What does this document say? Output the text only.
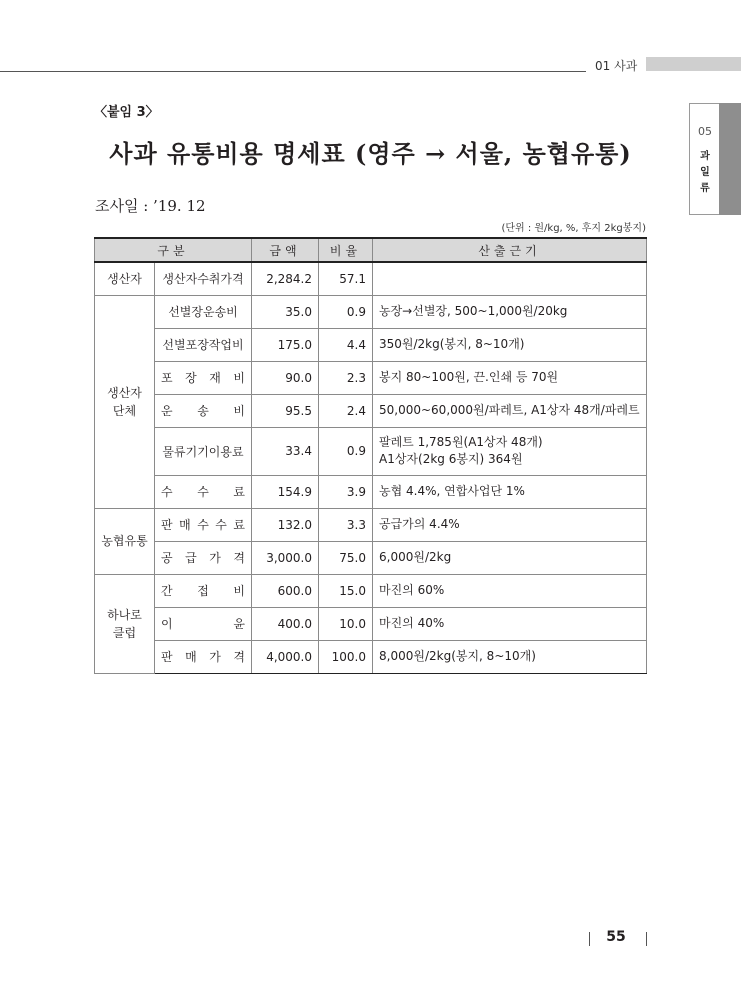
01 사과
05
과
일
류
〈붙임 3〉
사과 유통비용 명세표 (영주 → 서울, 농협유통)
조사일 : ’19. 12
(단위 : 원/kg, %, 후지 2kg봉지)
구분		금액	비율	산출근기
생산자	생산자수취가격	2,284.2	57.1	
생산자
단체	선별장운송비	35.0	0.9	농장→선별장, 500~1,000원/20kg
	선별포장작업비	175.0	4.4	350원/2kg(봉지, 8~10개)

	포 장 재 비	90.0	2.3	봉지 80~100원, 끈.인쇄 등 70원

	운 송 비	95.5	2.4	50,000~60,000원/파레트, A1상자 48개/파레트
	물류기기이용료	33.4	0.9	팔레트 1,785원(A1상자 48개)
A1상자(2kg 6봉지) 364원

	수 수 료	154.9	3.9	농협 4.4%, 연합사업단 1%
농협유통	판 매 수 수 료	132.0	3.3	공급가의 4.4%

	공 급 가 격	3,000.0	75.0	6,000원/2kg
하나로
클럽	간 접 비	600.0	15.0	마진의 60%

	이 윤	400.0	10.0	마진의 40%

	판 매 가 격	4,000.0	100.0	8,000원/2kg(봉지, 8~10개)
55
